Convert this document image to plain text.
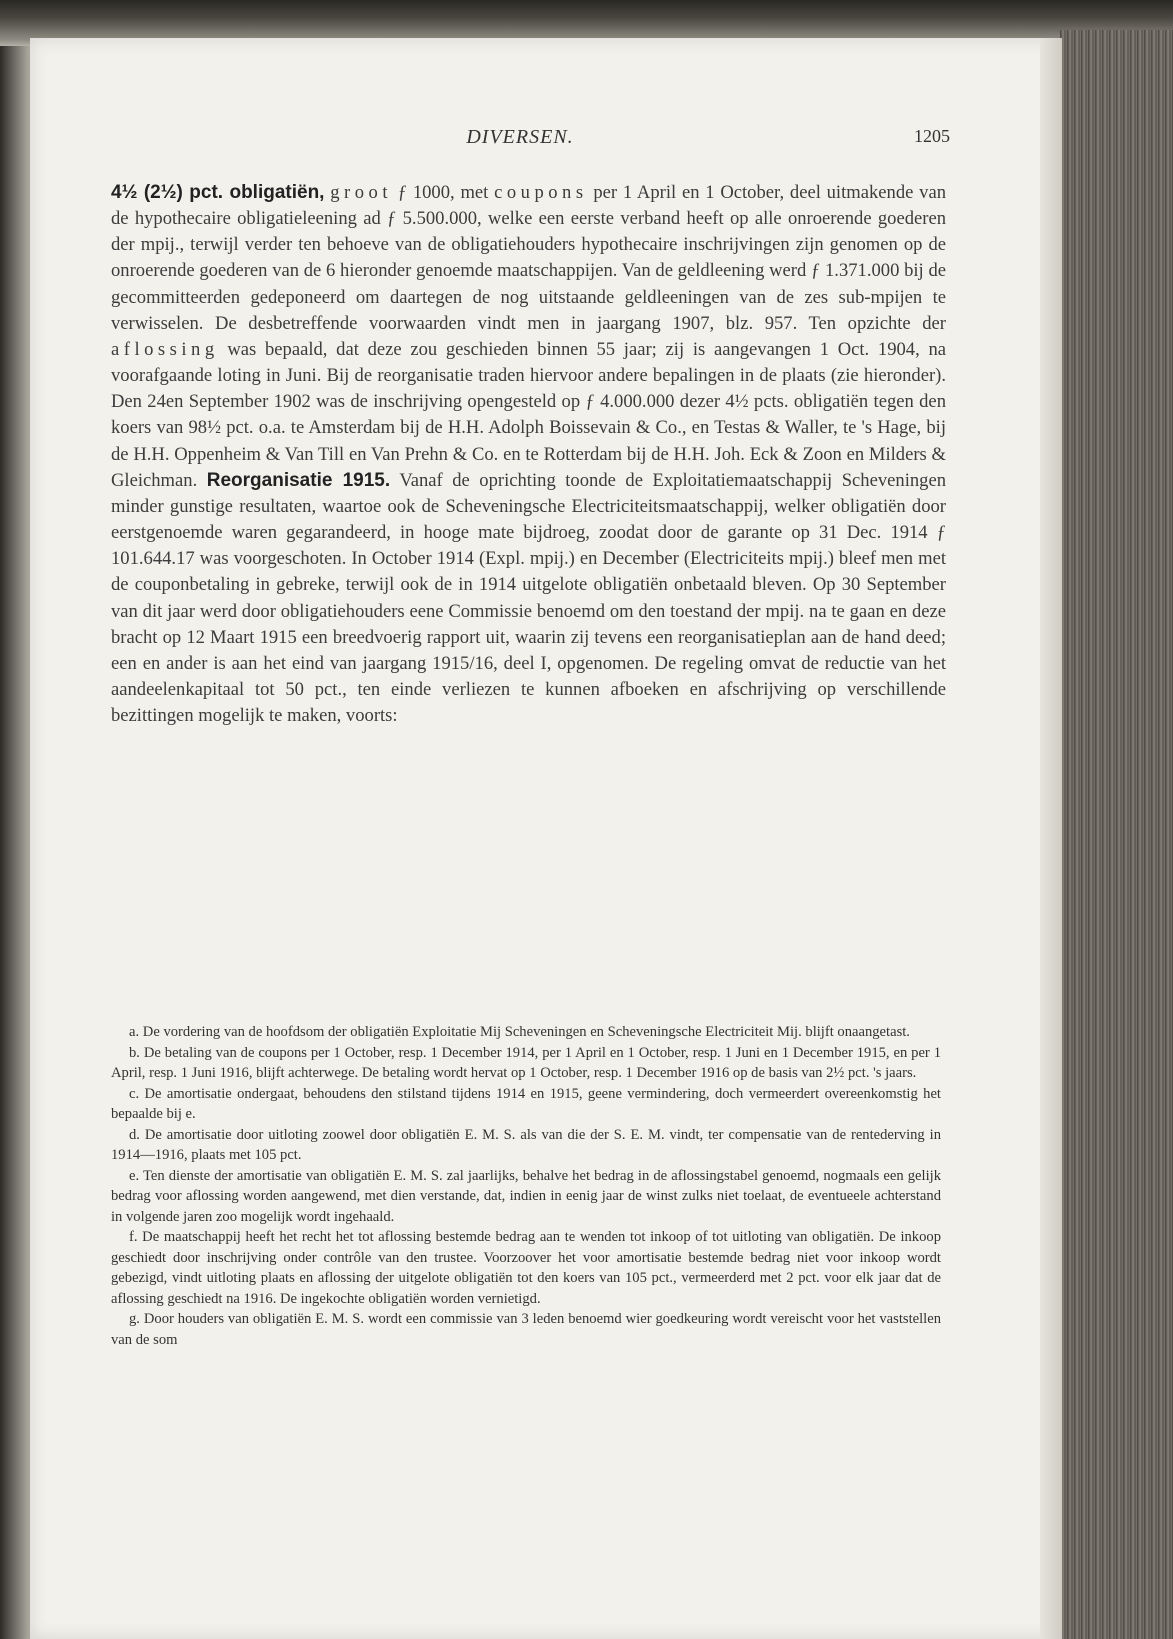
DIVERSEN.	1205
4½ (2½) pct. obligatiën, groot ƒ 1000, met coupons per 1 April en 1 October, deel uitmakende van de hypothecaire obligatieleening ad ƒ 5.500.000, welke een eerste verband heeft op alle onroerende goederen der mpij., terwijl verder ten behoeve van de obligatiehouders hypothecaire inschrijvingen zijn genomen op de onroerende goederen van de 6 hieronder genoemde maatschappijen. Van de geldleening werd ƒ 1.371.000 bij de gecommitteerden gedeponeerd om daartegen de nog uitstaande geldleeningen van de zes sub-mpijen te verwisselen. De desbetreffende voorwaarden vindt men in jaargang 1907, blz. 957. Ten opzichte der aflossing was bepaald, dat deze zou geschieden binnen 55 jaar; zij is aangevangen 1 Oct. 1904, na voorafgaande loting in Juni. Bij de reorganisatie traden hiervoor andere bepalingen in de plaats (zie hieronder). Den 24en September 1902 was de inschrijving opengesteld op ƒ 4.000.000 dezer 4½ pcts. obligatiën tegen den koers van 98½ pct. o.a. te Amsterdam bij de H.H. Adolph Boissevain & Co., en Testas & Waller, te 's Hage, bij de H.H. Oppenheim & Van Till en Van Prehn & Co. en te Rotterdam bij de H.H. Joh. Eck & Zoon en Milders & Gleichman. Reorganisatie 1915. Vanaf de oprichting toonde de Exploitatiemaatschappij Scheveningen minder gunstige resultaten, waartoe ook de Scheveningsche Electriciteitsmaatschappij, welker obligatiën door eerstgenoemde waren gegarandeerd, in hooge mate bijdroeg, zoodat door de garante op 31 Dec. 1914 ƒ 101.644.17 was voorgeschoten. In October 1914 (Expl. mpij.) en December (Electriciteits mpij.) bleef men met de couponbetaling in gebreke, terwijl ook de in 1914 uitgelote obligatiën onbetaald bleven. Op 30 September van dit jaar werd door obligatiehouders eene Commissie benoemd om den toestand der mpij. na te gaan en deze bracht op 12 Maart 1915 een breedvoerig rapport uit, waarin zij tevens een reorganisatieplan aan de hand deed; een en ander is aan het eind van jaargang 1915/16, deel I, opgenomen. De regeling omvat de reductie van het aandeelenkapitaal tot 50 pct., ten einde verliezen te kunnen afboeken en afschrijving op verschillende bezittingen mogelijk te maken, voorts:

a. De vordering van de hoofdsom der obligatiën Exploitatie Mij Scheveningen en Scheveningsche Electriciteit Mij. blijft onaangetast.

b. De betaling van de coupons per 1 October, resp. 1 December 1914, per 1 April en 1 October, resp. 1 Juni en 1 December 1915, en per 1 April, resp. 1 Juni 1916, blijft achterwege. De betaling wordt hervat op 1 October, resp. 1 December 1916 op de basis van 2½ pct. 's jaars.

c. De amortisatie ondergaat, behoudens den stilstand tijdens 1914 en 1915, geene vermindering, doch vermeerdert overeenkomstig het bepaalde bij e.

d. De amortisatie door uitloting zoowel door obligatiën E. M. S. als van die der S. E. M. vindt, ter compensatie van de rentederving in 1914—1916, plaats met 105 pct.

e. Ten dienste der amortisatie van obligatiën E. M. S. zal jaarlijks, behalve het bedrag in de aflossingstabel genoemd, nogmaals een gelijk bedrag voor aflossing worden aangewend, met dien verstande, dat, indien in eenig jaar de winst zulks niet toelaat, de eventueele achterstand in volgende jaren zoo mogelijk wordt ingehaald.

f. De maatschappij heeft het recht het tot aflossing bestemde bedrag aan te wenden tot inkoop of tot uitloting van obligatiën. De inkoop geschiedt door inschrijving onder contrôle van den trustee. Voorzoover het voor amortisatie bestemde bedrag niet voor inkoop wordt gebezigd, vindt uitloting plaats en aflossing der uitgelote obligatiën tot den koers van 105 pct., vermeerderd met 2 pct. voor elk jaar dat de aflossing geschiedt na 1916. De ingekochte obligatiën worden vernietigd.

g. Door houders van obligatiën E. M. S. wordt een commissie van 3 leden benoemd wier goedkeuring wordt vereischt voor het vaststellen van de som
